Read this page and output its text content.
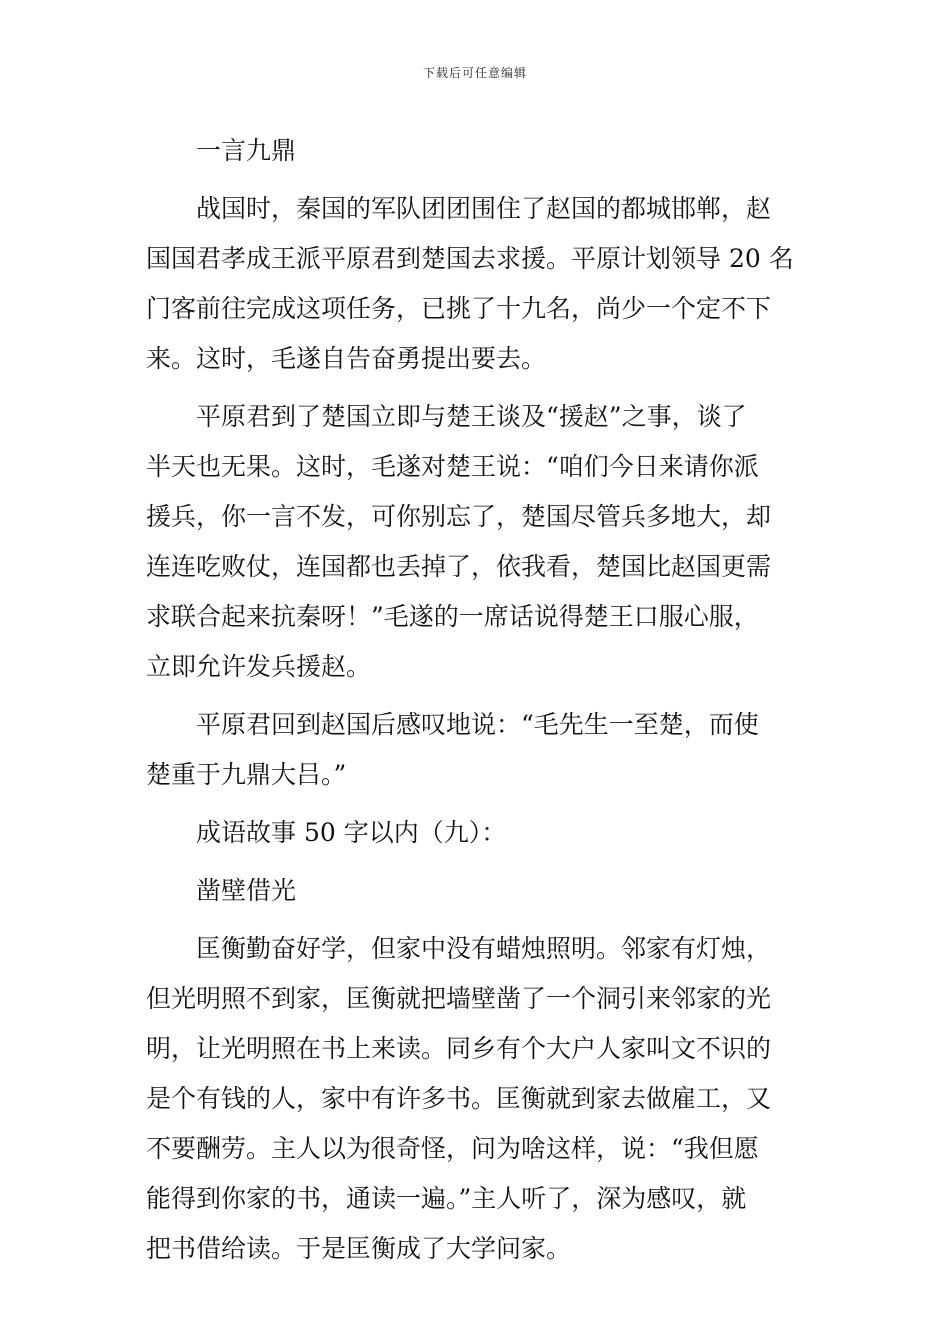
下载后可任意编辑
一言九鼎
战国时，秦国的军队团团围住了赵国的都城邯郸，赵
国国君孝成王派平原君到楚国去求援。平原计划领导 20 名
门客前往完成这项任务，已挑了十九名，尚少一个定不下
来。这时，毛遂自告奋勇提出要去。
平原君到了楚国立即与楚王谈及“援赵”之事，谈了
半天也无果。这时，毛遂对楚王说：“咱们今日来请你派
援兵，你一言不发，可你别忘了，楚国尽管兵多地大，却
连连吃败仗，连国都也丢掉了，依我看，楚国比赵国更需
求联合起来抗秦呀！”毛遂的一席话说得楚王口服心服，
立即允许发兵援赵。
平原君回到赵国后感叹地说：“毛先生一至楚，而使
楚重于九鼎大吕。”
成语故事 50 字以内（九）：
凿壁借光
匡衡勤奋好学，但家中没有蜡烛照明。邻家有灯烛，
但光明照不到家，匡衡就把墙壁凿了一个洞引来邻家的光
明，让光明照在书上来读。同乡有个大户人家叫文不识的
是个有钱的人，家中有许多书。匡衡就到家去做雇工，又
不要酬劳。主人以为很奇怪，问为啥这样，说：“我但愿
能得到你家的书，通读一遍。”主人听了，深为感叹，就
把书借给读。于是匡衡成了大学问家。
